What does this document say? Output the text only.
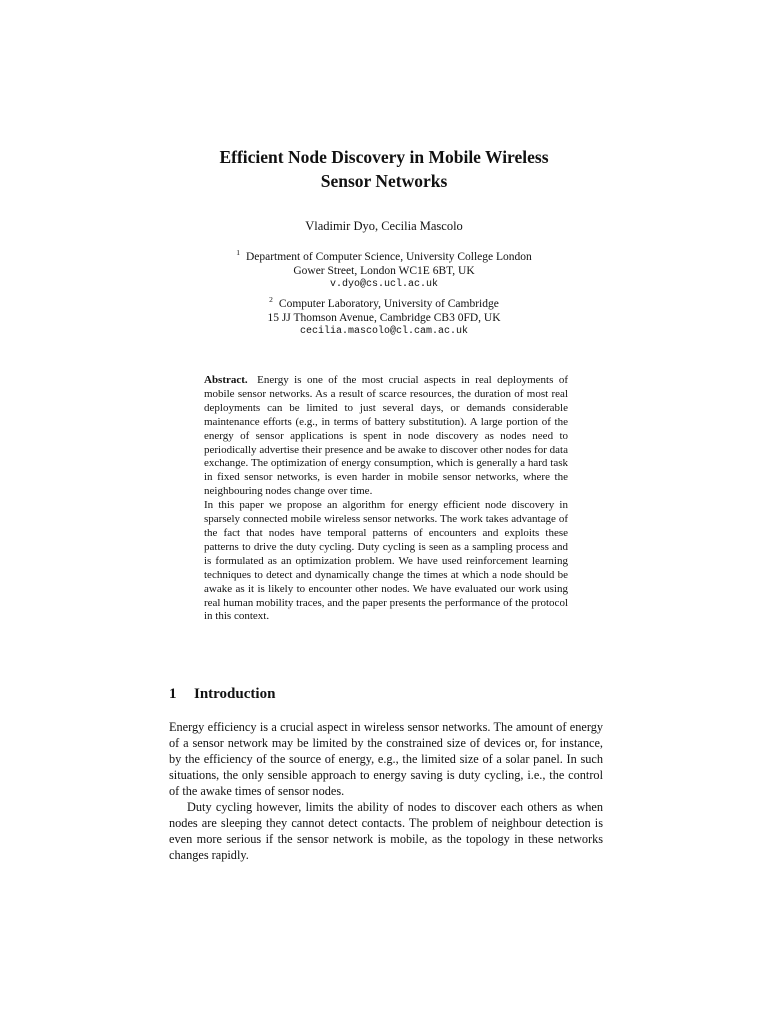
Efficient Node Discovery in Mobile Wireless
Sensor Networks
Vladimir Dyo, Cecilia Mascolo
$^1$ Department of Computer Science, University College London
Gower Street, London WC1E 6BT, UK
v.dyo@cs.ucl.ac.uk
$^2$ Computer Laboratory, University of Cambridge
15 JJ Thomson Avenue, Cambridge CB3 0FD, UK
cecilia.mascolo@cl.cam.ac.uk

Abstract. Energy is one of the most crucial aspects in real deployments of mobile sensor networks. As a result of scarce resources, the duration of most real deployments can be limited to just several days, or demands considerable maintenance efforts (e.g., in terms of battery substitution). A large portion of the energy of sensor applications is spent in node discovery as nodes need to periodically advertise their presence and be awake to discover other nodes for data exchange. The optimization of energy consumption, which is generally a hard task in fixed sensor networks, is even harder in mobile sensor networks, where the neighbouring nodes change over time.

In this paper we propose an algorithm for energy efficient node discovery in sparsely connected mobile wireless sensor networks. The work takes advantage of the fact that nodes have temporal patterns of encounters and exploits these patterns to drive the duty cycling. Duty cycling is seen as a sampling process and is formulated as an optimization problem. We have used reinforcement learning techniques to detect and dynamically change the times at which a node should be awake as it is likely to encounter other nodes. We have evaluated our work using real human mobility traces, and the paper presents the performance of the protocol in this context.

1 Introduction

Energy efficiency is a crucial aspect in wireless sensor networks. The amount of energy of a sensor network may be limited by the constrained size of devices or, for instance, by the efficiency of the source of energy, e.g., the limited size of a solar panel. In such situations, the only sensible approach to energy saving is duty cycling, i.e., the control of the awake times of sensor nodes.

Duty cycling however, limits the ability of nodes to discover each others as when nodes are sleeping they cannot detect contacts. The problem of neighbour detection is even more serious if the sensor network is mobile, as the topology in these networks changes rapidly.
